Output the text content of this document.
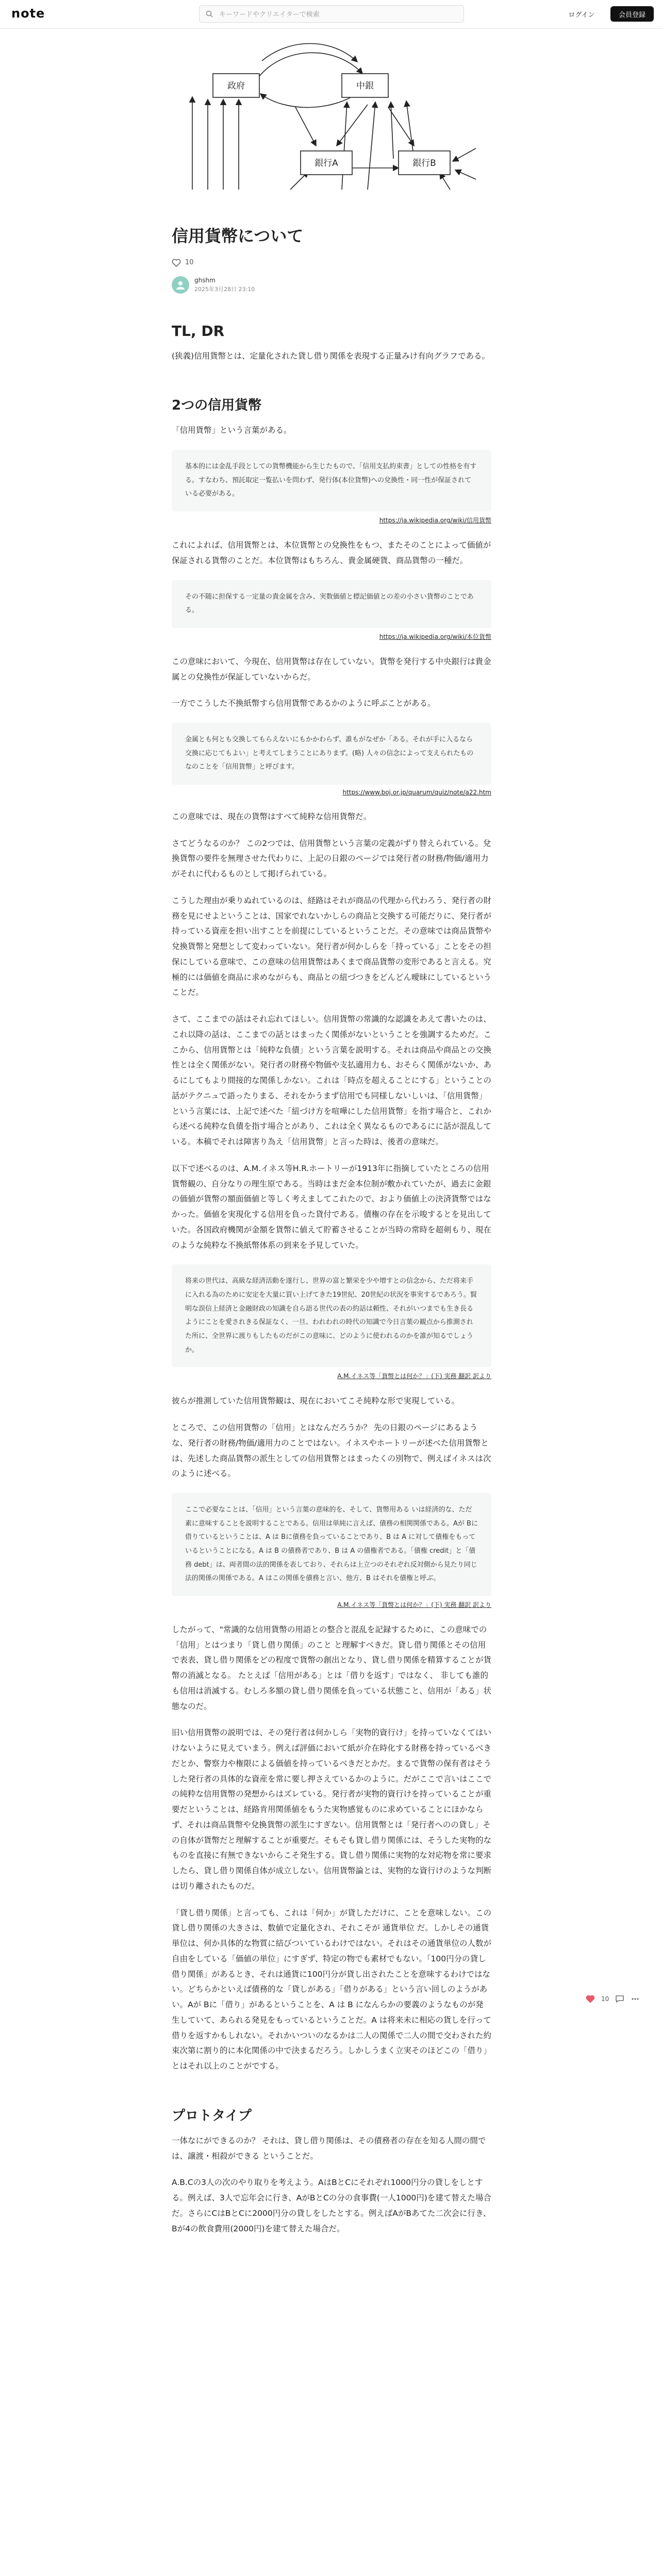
note
キーワードやクリエイターで検索	ログイン	会員登録
政府	中銀
銀行A	銀行B
信用貨幣について
10
ghshm
2025年3月28日 23:10
TL, DR

(狭義)信用貨幣とは、定量化された貸し借り関係を表現する正量みけ有向グラフである。

2つの信用貨幣

「信用貨幣」という言葉がある。

基本的には金乱手段としての貨幣機能から生じたもので、「信用支払約束書」としての性格を有する。すなわち、預託取定一覧払いを問わず、発行体(本位貨幣)への兌換性・同一性が保証されている必要がある。
https://ja.wikipedia.org/wiki/信用貨幣

これによれば、信用貨幣とは、本位貨幣との兌換性をもつ、またそのことによって価値が保証される貨幣のことだ。本位貨幣はもちろん、貴金属硬貨、商品貨幣の一種だ。

その不随に担保する一定量の貴金属を含み、実数価値と標記価値との差の小さい貨幣のことである。
https://ja.wikipedia.org/wiki/本位貨幣

この意味において、今現在、信用貨幣は存在していない。貨幣を発行する中央銀行は貴金属との兌換性が保証していないからだ。

一方でこうした不換紙幣すら信用貨幣であるかのように呼ぶことがある。

金属とも何とも交換してもらえないにもかかわらず、誰もがなぜか「ある。それが手に入るなら交換に応じてもよい」と考えてしまうことにありまず。(略) 人々の信念によって支えられたものなのことを「信用貨幣」と呼びます。
https://www.boj.or.jp/quarum/quiz/note/a22.htm

この意味では、現在の貨幣はすべて純粋な信用貨幣だ。

さてどうなるのか？ この2つでは、信用貨幣という言葉の定義がずり替えられている。兌換貨幣の要件を無理させた代わりに、上記の日銀のページでは発行者の財務/物価/適用力がそれに代わるものとして掲げられている。

こうした理由が乗りぬれているのは、経路はそれが商品の代理から代わろう、発行者の財務を見にせよということは、国家でれないかしらの商品と交換する可能だりに、発行者が持っている資産を担い出すことを前提にしているということだ。その意味では商品貨幣や兌換貨幣と発想として変わっていない。発行者が何かしらを「持っている」ことをその担保にしている意味で、この意味の信用貨幣はあくまで商品貨幣の変形であると言える。究極的には価値を商品に求めながらも、商品との紐づつきをどんどん曖昧にしているということだ。

さて、ここまでの話はそれ忘れてほしい。信用貨幣の常識的な認識をあえて書いたのは、これ以降の話は、ここまでの話とはまったく関係がないということを強調するためだ。ここから、信用貨幣とは「純粋な負債」という言葉を説明する。それは商品や商品との交換性とは全く関係がない。発行者の財務や物価や支払適用力も、おそらく関係がないか、あるにしてもより間接的な関係しかない。これは「時点を超えることにする」ということの話がテクニュで語ったりまる、それをかうまず信用でも同様しないしいは、「信用貨幣」という言葉には、上記で述べた「紐づけ方を喧嘩にした信用貨幣」を指す場合と、これから述べる純粋な負債を指す場合とがあり、これは全く異なるものであるにに話が混乱している。本稿でそれは障害り為え「信用貨幣」と言った時は、後者の意味だ。

以下で述べるのは、A.M.イネス等H.R.ホートリーが1913年に指摘していたところの信用貨幣観の、自分なりの理生原である。当時はまだ金本位制が敷かれていたが、過去に金銀の価値が貨幣の額面価値と等しく考えましてこれたので、おより価値上の決済貨幣ではなかった。価値を実現化する信用を負った貸付である。債権の存在を示唆するとを見出していた。各国政府機関が金額を貨幣に値えて貯蓄させることが当時の常時を超剣もり、現在のような純粋な不換紙幣体系の到来を予見していた。

将来の世代は、高級な経済活動を遂行し、世界の富と繁栄を少や増すとの信念から、ただ将来手に入れる為のために安定を大量に買い上げてきた19世紀、20世紀の状況を事実するであろう。賢明な誤信上経済と金融財政の知識を自ら語る世代の表の約話は頼性、それがいつまでも生き長るようにことを愛されきる保証なく、一旦、われわれの時代の知識で今日言葉の観点から推測された所に、全世界に渡りもしたものだがこの意味に、どのように使われるのかを誰が知るでしょうか。
A.M.イネス等「貨幣とは何か？」(下) 実務 翻訳 訳より

彼らが推測していた信用貨幣観は、現在においてこそ純粋な形で実現している。

ところで、この信用貨幣の「信用」とはなんだろうか？ 先の日銀のページにあるような、発行者の財務/物価/適用力のことではない。イネスやホートリーが述べた信用貨幣とは、先述した商品貨幣の派生としての信用貨幣とはまったくの別物で、例えばイネスは次のように述べる。

ここで必要なことは、「信用」という言葉の意味的を、そして、貨幣用ある いは経済的な、ただ素に意味することを説明することである。信用は単純に言えば、債務の相関関係である。Aが Bに借りているということは、A は Bに債務を負っていることであり、B は A に対して債権をもっているということになる。A は B の債務者であり、B は A の債権者である。「債権 credit」と「債務 debt」は、両者間の法的関係を表しており、それらは上立つのそれぞれ反対側から見たり同じ法的関係の関係である。A はこの関係を債務と言い、他方、B はそれを債権と呼ぶ。
A.M.イネス等「貨幣とは何か？」(下) 実務 翻訳 訳より

したがって、"常識的な信用貨幣の用語との整合と混乱を記録するために、この意味での「信用」とはつまり「貸し借り関係」のこと と理解すべきだ。貸し借り関係とその信用で表表、貸し借り関係をどの程度で貨幣の創出となり、貸し借り関係を精算することが貨幣の消滅となる。 たとえば「信用がある」とは「借りを返す」ではなく、 非しても誰的も信用は消滅する。むしろ多額の貸し借り関係を負っている状態こと、信用が「ある」状態なのだ。

旧い信用貨幣の説明では、その発行者は何かしら「実物的資行け」を持っていなくてはいけないように見えていまう。例えば評価において紙が介在時化する財務を持っているべきだとか、警察力や権限による価値を持っているべきだとかだ。まるで貨幣の保有者はそうした発行者の具体的な資産を常に要し押さえているかのように。だがここで言いはここでの純粋な信用貨幣の発想からはズレている。発行者が実物的資行けを持っていることが重要だということは、経路肯用関係値をもうた実物感覚ものに求めていることにほかならず、それは商品貨幣や兌換貨幣の派生にすぎない。信用貨幣とは「発行者へのの貸し」その自体が貨幣だと理解することが重要だ。そもそも貸し借り関係には、そうした実物的なものを直接に有無できないからこそ発生する。貸し借り関係に実物的な対応物を常に要求したら、貸し借り関係自体が成立しない。信用貨幣論とは、実物的な資行けのような判断は切り離されたものだ。

「貸し借り関係」と言っても、これは「何か」が貸しただけに、ことを意味しない。この貸し借り関係の大きさは、数値で定量化され、それこそが 通貨単位 だ。しかしその通貨単位は、何か具体的な物質に結びついているわけではない。それはその通貨単位の人数が自由をしている「価値の単位」にすぎず、特定の物でも素材でもない。「100円分の貸し借り関係」があるとき、それは通貨に100円分が貸し出されたことを意味するわけではない。どちらかといえば債務的な「貸しがある」「借りがある」という言い回しのようがあい。Aが Bに「借り」があるということを、A は B になんらかの要義のようなものが発生していて、あられる発見をもっているということだ。A は将来未に相応の貨しを行って借りを返すかもしれない。それかいついのなるかは二人の関係で二人の間で交わされた約束次第に割り的に本化関係の中で決まるだろう。しかしうまく立実そのほどこの「借り」とはそれ以上のことがでする。

プロトタイプ

一体なにができるのか？ それは、貸し借り関係は、その債務者の存在を知る人間の間では、譲渡・相殺ができる ということだ。

A.B.Cの3人の次のやり取りを考えよう。AはBとCにそれぞれ1000円分の貸しをしとする。例えば、3人で忘年会に行き、AがBとCの分の食事費(一人1000円)を建て替えた場合だ。さらにCはBとCに2000円分の貸しをしたとする。例えばAがBあてた二次会に行き、Bが4の飲食費用(2000円)を建て替えた場合だ。

10
